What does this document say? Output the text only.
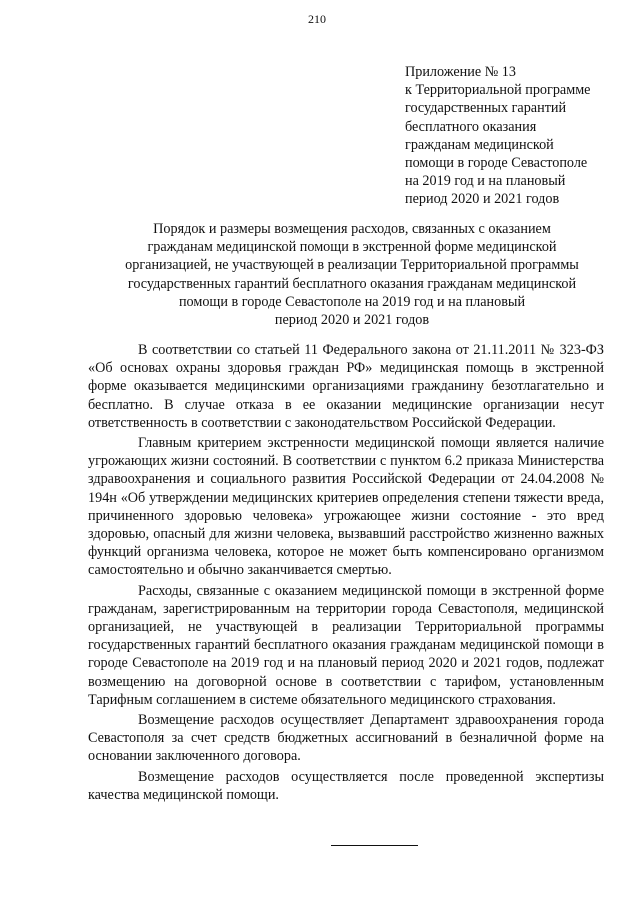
210
Приложение № 13
к Территориальной программе
государственных гарантий
бесплатного оказания
гражданам медицинской
помощи в городе Севастополе
на 2019 год и на плановый
период 2020 и 2021 годов
Порядок и размеры возмещения расходов, связанных с оказанием
гражданам медицинской помощи в экстренной форме медицинской
организацией, не участвующей в реализации Территориальной программы
государственных гарантий бесплатного оказания гражданам медицинской
помощи в городе Севастополе на 2019 год и на плановый
период 2020 и 2021 годов

В соответствии со статьей 11 Федерального закона от 21.11.2011 № 323-ФЗ «Об основах охраны здоровья граждан РФ» медицинская помощь в экстренной форме оказывается медицинскими организациями гражданину безотлагательно и бесплатно. В случае отказа в ее оказании медицинские организации несут ответственность в соответствии с законодательством Российской Федерации.

Главным критерием экстренности медицинской помощи является наличие угрожающих жизни состояний. В соответствии с пунктом 6.2 приказа Министерства здравоохранения и социального развития Российской Федерации от 24.04.2008 № 194н «Об утверждении медицинских критериев определения степени тяжести вреда, причиненного здоровью человека» угрожающее жизни состояние - это вред здоровью, опасный для жизни человека, вызвавший расстройство жизненно важных функций организма человека, которое не может быть компенсировано организмом самостоятельно и обычно заканчивается смертью.

Расходы, связанные с оказанием медицинской помощи в экстренной форме гражданам, зарегистрированным на территории города Севастополя, медицинской организацией, не участвующей в реализации Территориальной программы государственных гарантий бесплатного оказания гражданам медицинской помощи в городе Севастополе на 2019 год и на плановый период 2020 и 2021 годов, подлежат возмещению на договорной основе в соответствии с тарифом, установленным Тарифным соглашением в системе обязательного медицинского страхования.

Возмещение расходов осуществляет Департамент здравоохранения города Севастополя за счет средств бюджетных ассигнований в безналичной форме на основании заключенного договора.

Возмещение расходов осуществляется после проведенной экспертизы качества медицинской помощи.
